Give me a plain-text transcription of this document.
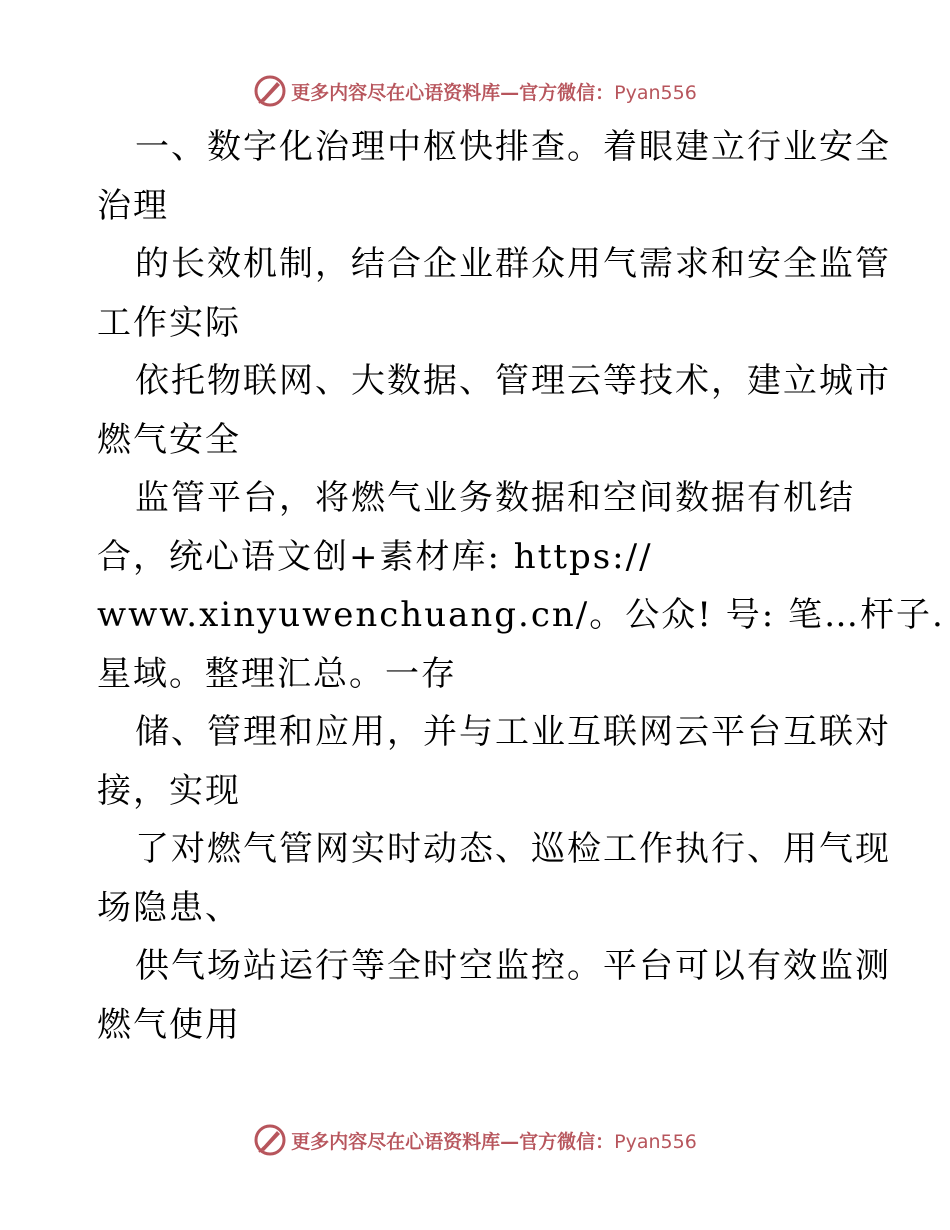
更多内容尽在心语资料库—官方微信：Pyan556
一、数字化治理中枢快排查。着眼建立行业安全
治理
的长效机制，结合企业群众用气需求和安全监管
工作实际
依托物联网、大数据、管理云等技术，建立城市
燃气安全
监管平台，将燃气业务数据和空间数据有机结
合，统心语文创+素材库: https://
www.xinyuwenchuang.cn/。公众! 号: 笔…杆子.
星域。整理汇总。一存
储、管理和应用，并与工业互联网云平台互联对
接，实现
了对燃气管网实时动态、巡检工作执行、用气现
场隐患、
供气场站运行等全时空监控。平台可以有效监测
燃气使用
更多内容尽在心语资料库—官方微信：Pyan556
